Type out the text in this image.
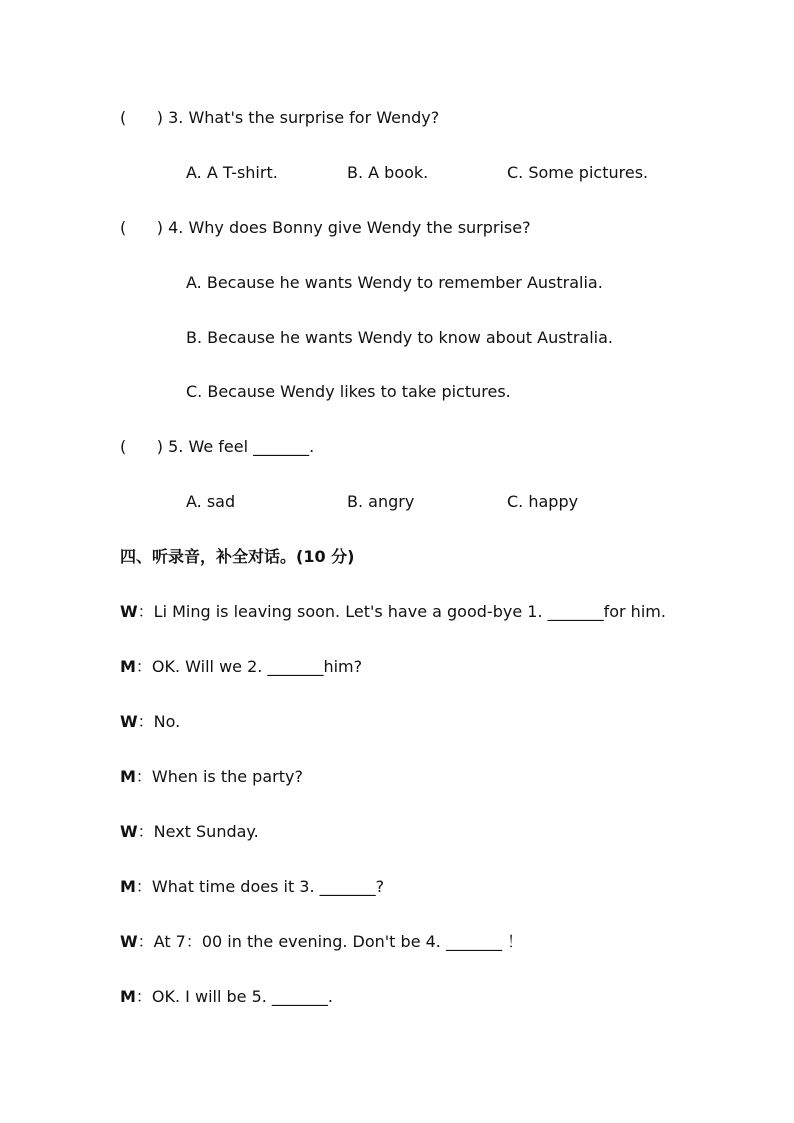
(      ) 3. What's the surprise for Wendy?
A. A T-shirt.	B. A book.	C. Some pictures.
(      ) 4. Why does Bonny give Wendy the surprise?
A. Because he wants Wendy to remember Australia.
B. Because he wants Wendy to know about Australia.
C. Because Wendy likes to take pictures.
(      ) 5. We feel _______.
A. sad	B. angry	C. happy
四、听录音，补全对话。(10 分)
W：Li Ming is leaving soon. Let's have a good-bye 1. _______for him.
M：OK. Will we 2. _______him?
W：No.
M：When is the party?
W：Next Sunday.
M：What time does it 3. _______?
W：At 7：00 in the evening. Don't be 4. _______ ！
M：OK. I will be 5. _______.
